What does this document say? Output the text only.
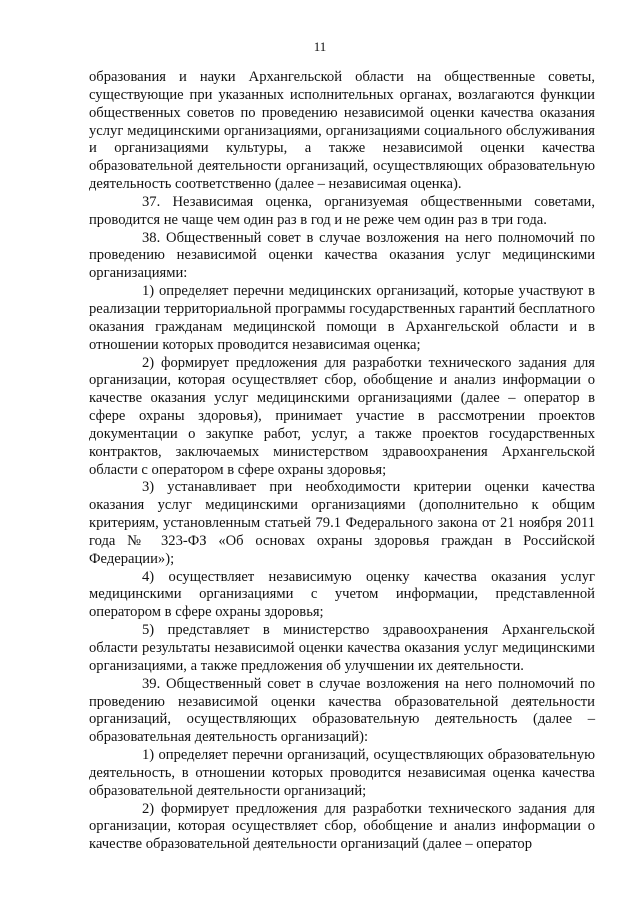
11

образования и науки Архангельской области на общественные советы, существующие при указанных исполнительных органах, возлагаются функции общественных советов по проведению независимой оценки качества оказания услуг медицинскими организациями, организациями социального обслуживания и организациями культуры, а также независимой оценки качества образовательной деятельности организаций, осуществляющих образовательную деятельность соответственно (далее – независимая оценка).

37. Независимая оценка, организуемая общественными советами, проводится не чаще чем один раз в год и не реже чем один раз в три года.

38. Общественный совет в случае возложения на него полномочий по проведению независимой оценки качества оказания услуг медицинскими организациями:

1) определяет перечни медицинских организаций, которые участвуют в реализации территориальной программы государственных гарантий бесплатного оказания гражданам медицинской помощи в Архангельской области и в отношении которых проводится независимая оценка;

2) формирует предложения для разработки технического задания для организации, которая осуществляет сбор, обобщение и анализ информации о качестве оказания услуг медицинскими организациями (далее – оператор в сфере охраны здоровья), принимает участие в рассмотрении проектов документации о закупке работ, услуг, а также проектов государственных контрактов, заключаемых министерством здравоохранения Архангельской области с оператором в сфере охраны здоровья;

3) устанавливает при необходимости критерии оценки качества оказания услуг медицинскими организациями (дополнительно к общим критериям, установленным статьей 79.1 Федерального закона от 21 ноября 2011 года № 323-ФЗ «Об основах охраны здоровья граждан в Российской Федерации»);

4) осуществляет независимую оценку качества оказания услуг медицинскими организациями с учетом информации, представленной оператором в сфере охраны здоровья;

5) представляет в министерство здравоохранения Архангельской области результаты независимой оценки качества оказания услуг медицинскими организациями, а также предложения об улучшении их деятельности.

39. Общественный совет в случае возложения на него полномочий по проведению независимой оценки качества образовательной деятельности организаций, осуществляющих образовательную деятельность (далее – образовательная деятельность организаций):

1) определяет перечни организаций, осуществляющих образовательную деятельность, в отношении которых проводится независимая оценка качества образовательной деятельности организаций;

2) формирует предложения для разработки технического задания для организации, которая осуществляет сбор, обобщение и анализ информации о качестве образовательной деятельности организаций (далее – оператор
